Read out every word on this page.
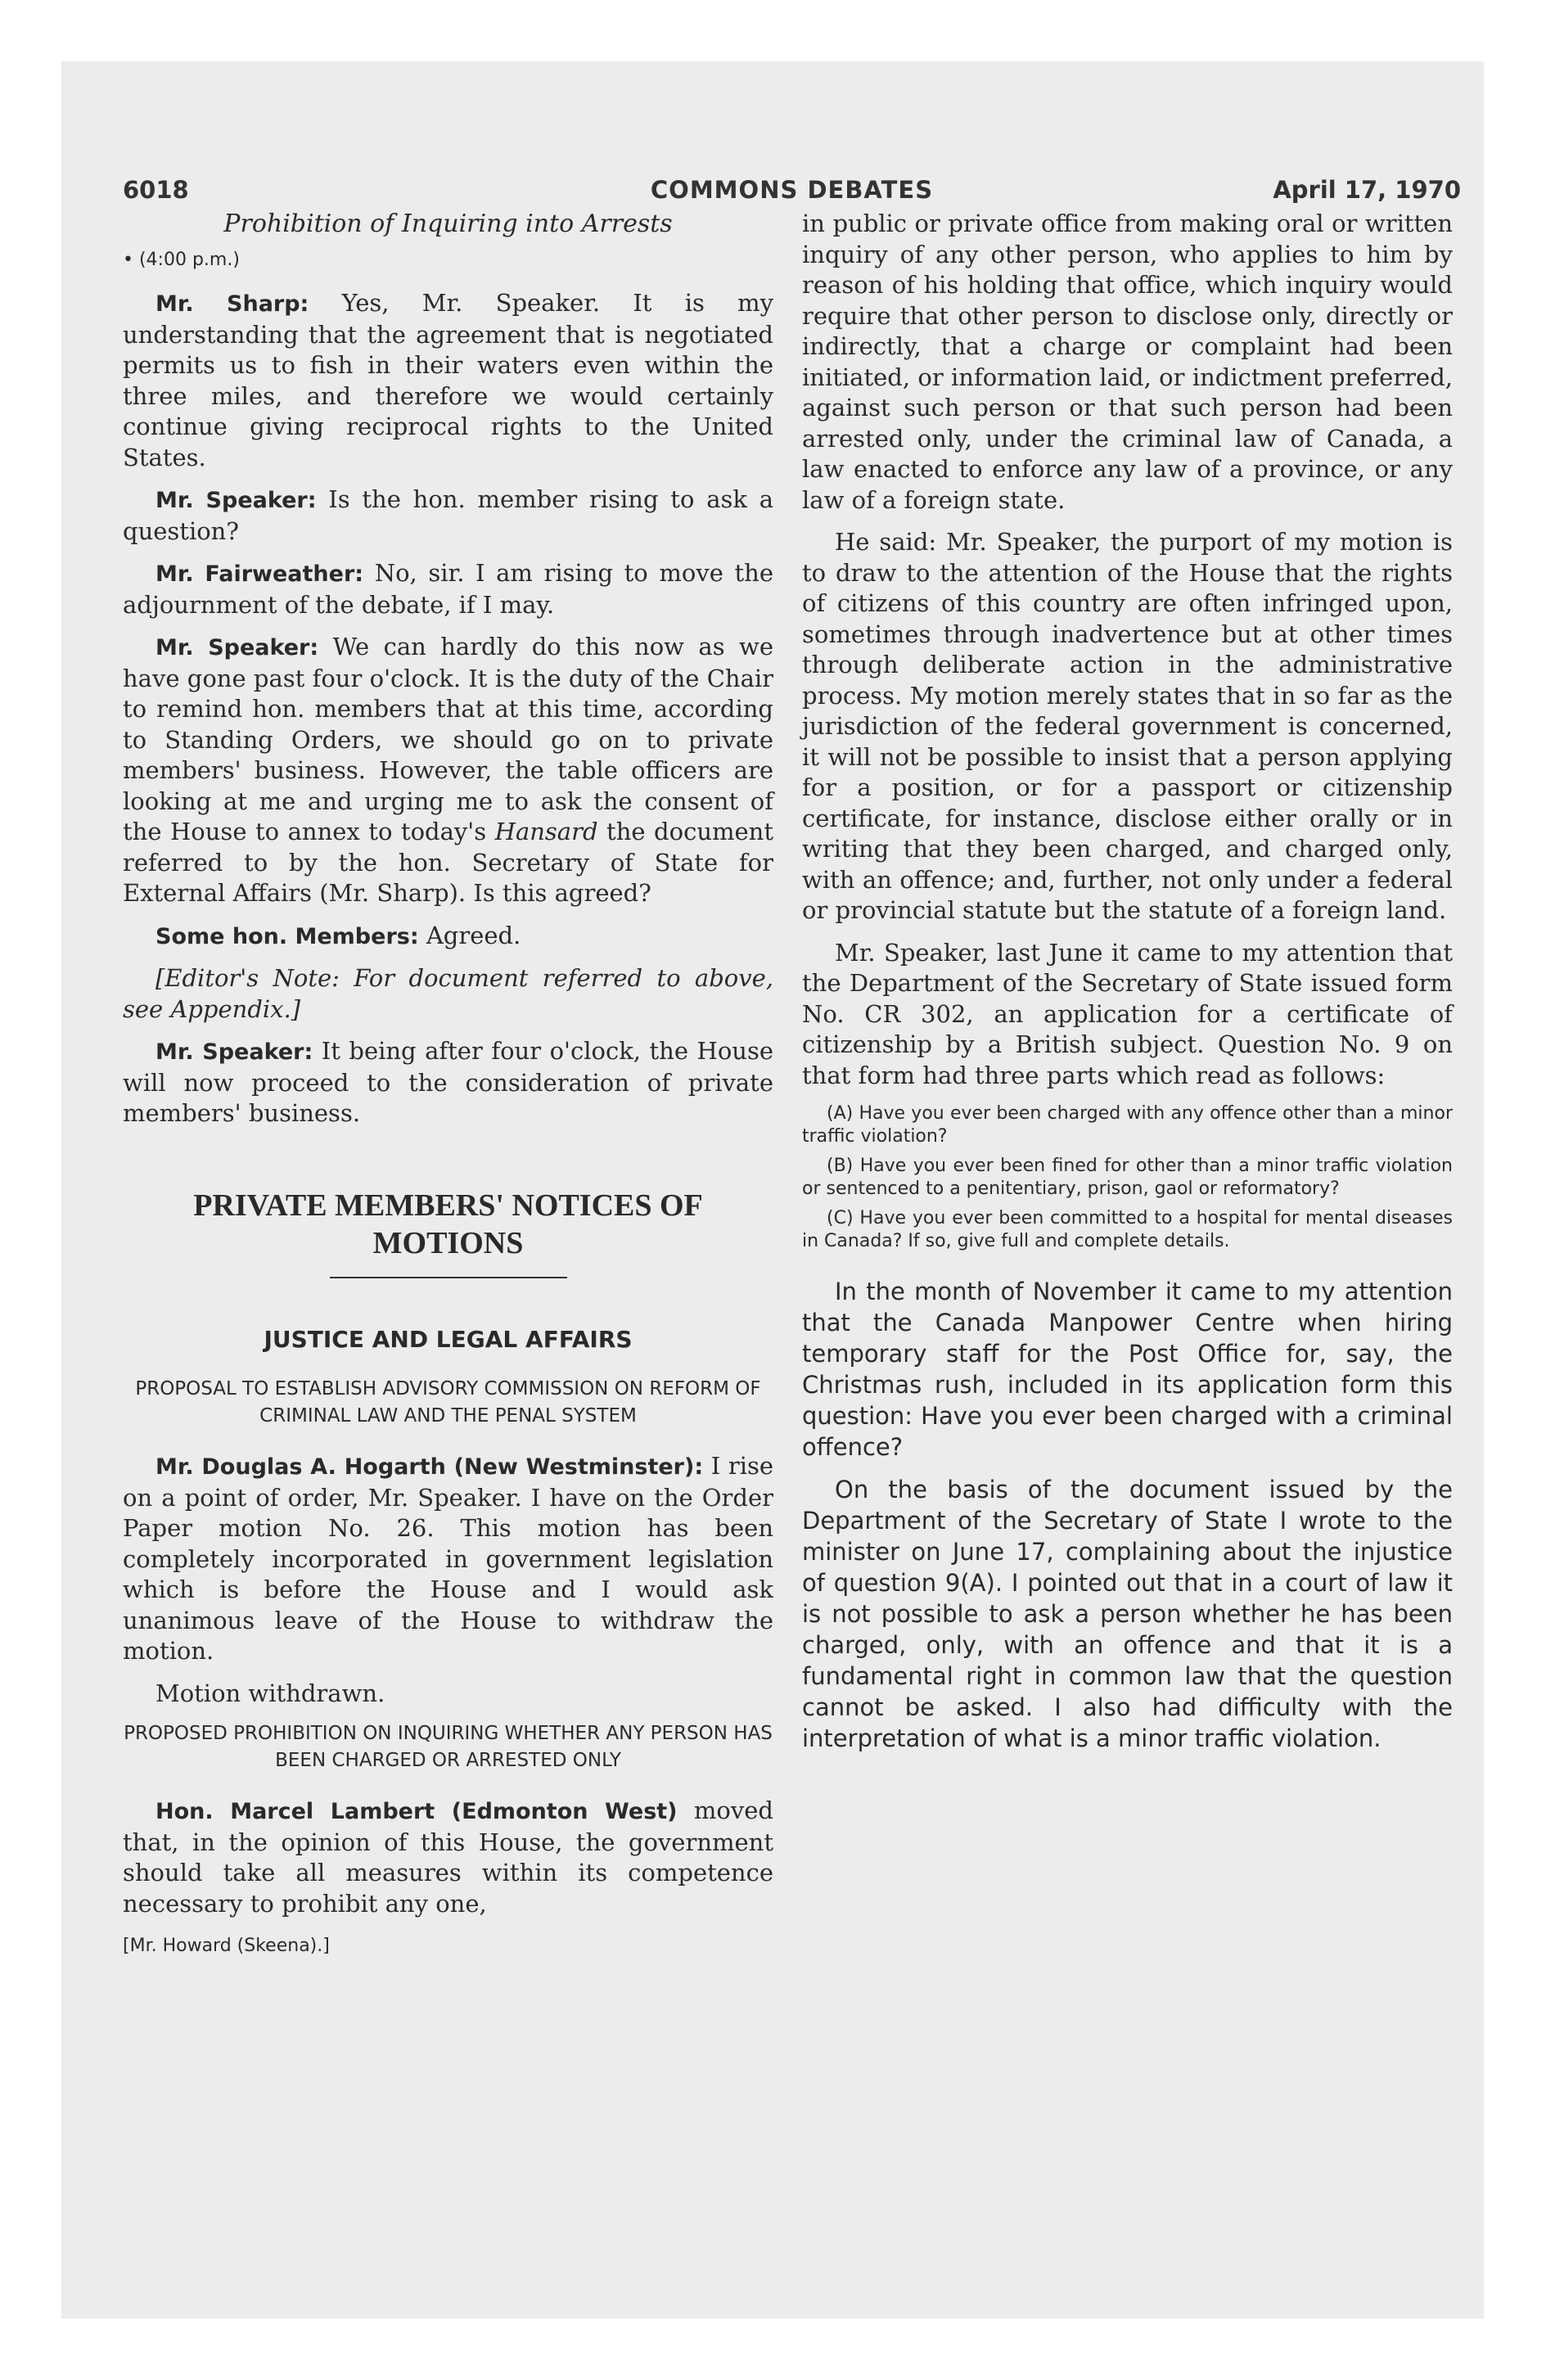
6018	COMMONS DEBATES	April 17, 1970
Prohibition of Inquiring into Arrests
• (4:00 p.m.)

Mr. Sharp: Yes, Mr. Speaker. It is my understanding that the agreement that is negotiated permits us to fish in their waters even within the three miles, and therefore we would certainly continue giving reciprocal rights to the United States.

Mr. Speaker: Is the hon. member rising to ask a question?

Mr. Fairweather: No, sir. I am rising to move the adjournment of the debate, if I may.

Mr. Speaker: We can hardly do this now as we have gone past four o'clock. It is the duty of the Chair to remind hon. members that at this time, according to Standing Orders, we should go on to private members' business. However, the table officers are looking at me and urging me to ask the consent of the House to annex to today's Hansard the document referred to by the hon. Secretary of State for External Affairs (Mr. Sharp). Is this agreed?

Some hon. Members: Agreed.

[Editor's Note: For document referred to above, see Appendix.]

Mr. Speaker: It being after four o'clock, the House will now proceed to the consideration of private members' business.

PRIVATE MEMBERS' NOTICES OF MOTIONS
JUSTICE AND LEGAL AFFAIRS
PROPOSAL TO ESTABLISH ADVISORY COMMISSION ON REFORM OF CRIMINAL LAW AND THE PENAL SYSTEM

Mr. Douglas A. Hogarth (New Westminster): I rise on a point of order, Mr. Speaker. I have on the Order Paper motion No. 26. This motion has been completely incorporated in government legislation which is before the House and I would ask unanimous leave of the House to withdraw the motion.

Motion withdrawn.

PROPOSED PROHIBITION ON INQUIRING WHETHER ANY PERSON HAS BEEN CHARGED OR ARRESTED ONLY

Hon. Marcel Lambert (Edmonton West) moved that, in the opinion of this House, the government should take all measures within its competence necessary to prohibit any one,

[Mr. Howard (Skeena).]

in public or private office from making oral or written inquiry of any other person, who applies to him by reason of his holding that office, which inquiry would require that other person to disclose only, directly or indirectly, that a charge or complaint had been initiated, or information laid, or indictment preferred, against such person or that such person had been arrested only, under the criminal law of Canada, a law enacted to enforce any law of a province, or any law of a foreign state.

He said: Mr. Speaker, the purport of my motion is to draw to the attention of the House that the rights of citizens of this country are often infringed upon, sometimes through inadvertence but at other times through deliberate action in the administrative process. My motion merely states that in so far as the jurisdiction of the federal government is concerned, it will not be possible to insist that a person applying for a position, or for a passport or citizenship certificate, for instance, disclose either orally or in writing that they been charged, and charged only, with an offence; and, further, not only under a federal or provincial statute but the statute of a foreign land.

Mr. Speaker, last June it came to my attention that the Department of the Secretary of State issued form No. CR 302, an application for a certificate of citizenship by a British subject. Question No. 9 on that form had three parts which read as follows:

(A) Have you ever been charged with any offence other than a minor traffic violation?
(B) Have you ever been fined for other than a minor traffic violation or sentenced to a penitentiary, prison, gaol or reformatory?
(C) Have you ever been committed to a hospital for mental diseases in Canada? If so, give full and complete details.

In the month of November it came to my attention that the Canada Manpower Centre when hiring temporary staff for the Post Office for, say, the Christmas rush, included in its application form this question: Have you ever been charged with a criminal offence?

On the basis of the document issued by the Department of the Secretary of State I wrote to the minister on June 17, complaining about the injustice of question 9(A). I pointed out that in a court of law it is not possible to ask a person whether he has been charged, only, with an offence and that it is a fundamental right in common law that the question cannot be asked. I also had difficulty with the interpretation of what is a minor traffic violation.
